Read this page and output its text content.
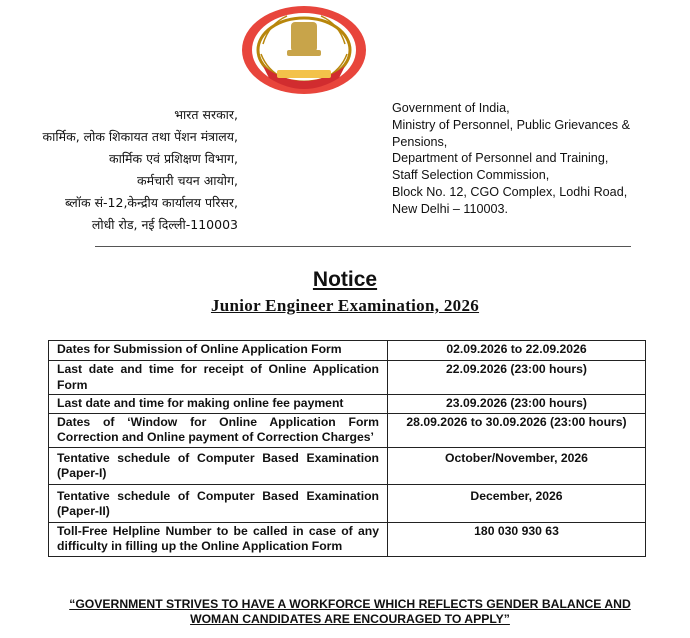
भारत सरकार,
कार्मिक, लोक शिकायत तथा पेंशन मंत्रालय,
कार्मिक एवं प्रशिक्षण विभाग,
कर्मचारी चयन आयोग,
ब्लॉक सं-12,केन्द्रीय कार्यालय परिसर,
लोधी रोड, नई दिल्ली-110003
Government of India,
Ministry of Personnel, Public Grievances &
Pensions,
Department of Personnel and Training,
Staff Selection Commission,
Block No. 12, CGO Complex, Lodhi Road,
New Delhi – 110003.
Notice
Junior Engineer Examination, 2026
Dates for Submission of Online Application Form	02.09.2026 to 22.09.2026
Last date and time for receipt of Online Application Form	22.09.2026 (23:00 hours)
Last date and time for making online fee payment	23.09.2026 (23:00 hours)
Dates of ‘Window for Online Application Form Correction and Online payment of Correction Charges’	28.09.2026 to 30.09.2026 (23:00 hours)
Tentative schedule of Computer Based Examination (Paper-I)	October/November, 2026
Tentative schedule of Computer Based Examination (Paper-II)	December, 2026
Toll-Free Helpline Number to be called in case of any difficulty in filling up the Online Application Form	180 030 930 63
“GOVERNMENT STRIVES TO HAVE A WORKFORCE WHICH REFLECTS GENDER BALANCE AND WOMAN CANDIDATES ARE ENCOURAGED TO APPLY”
